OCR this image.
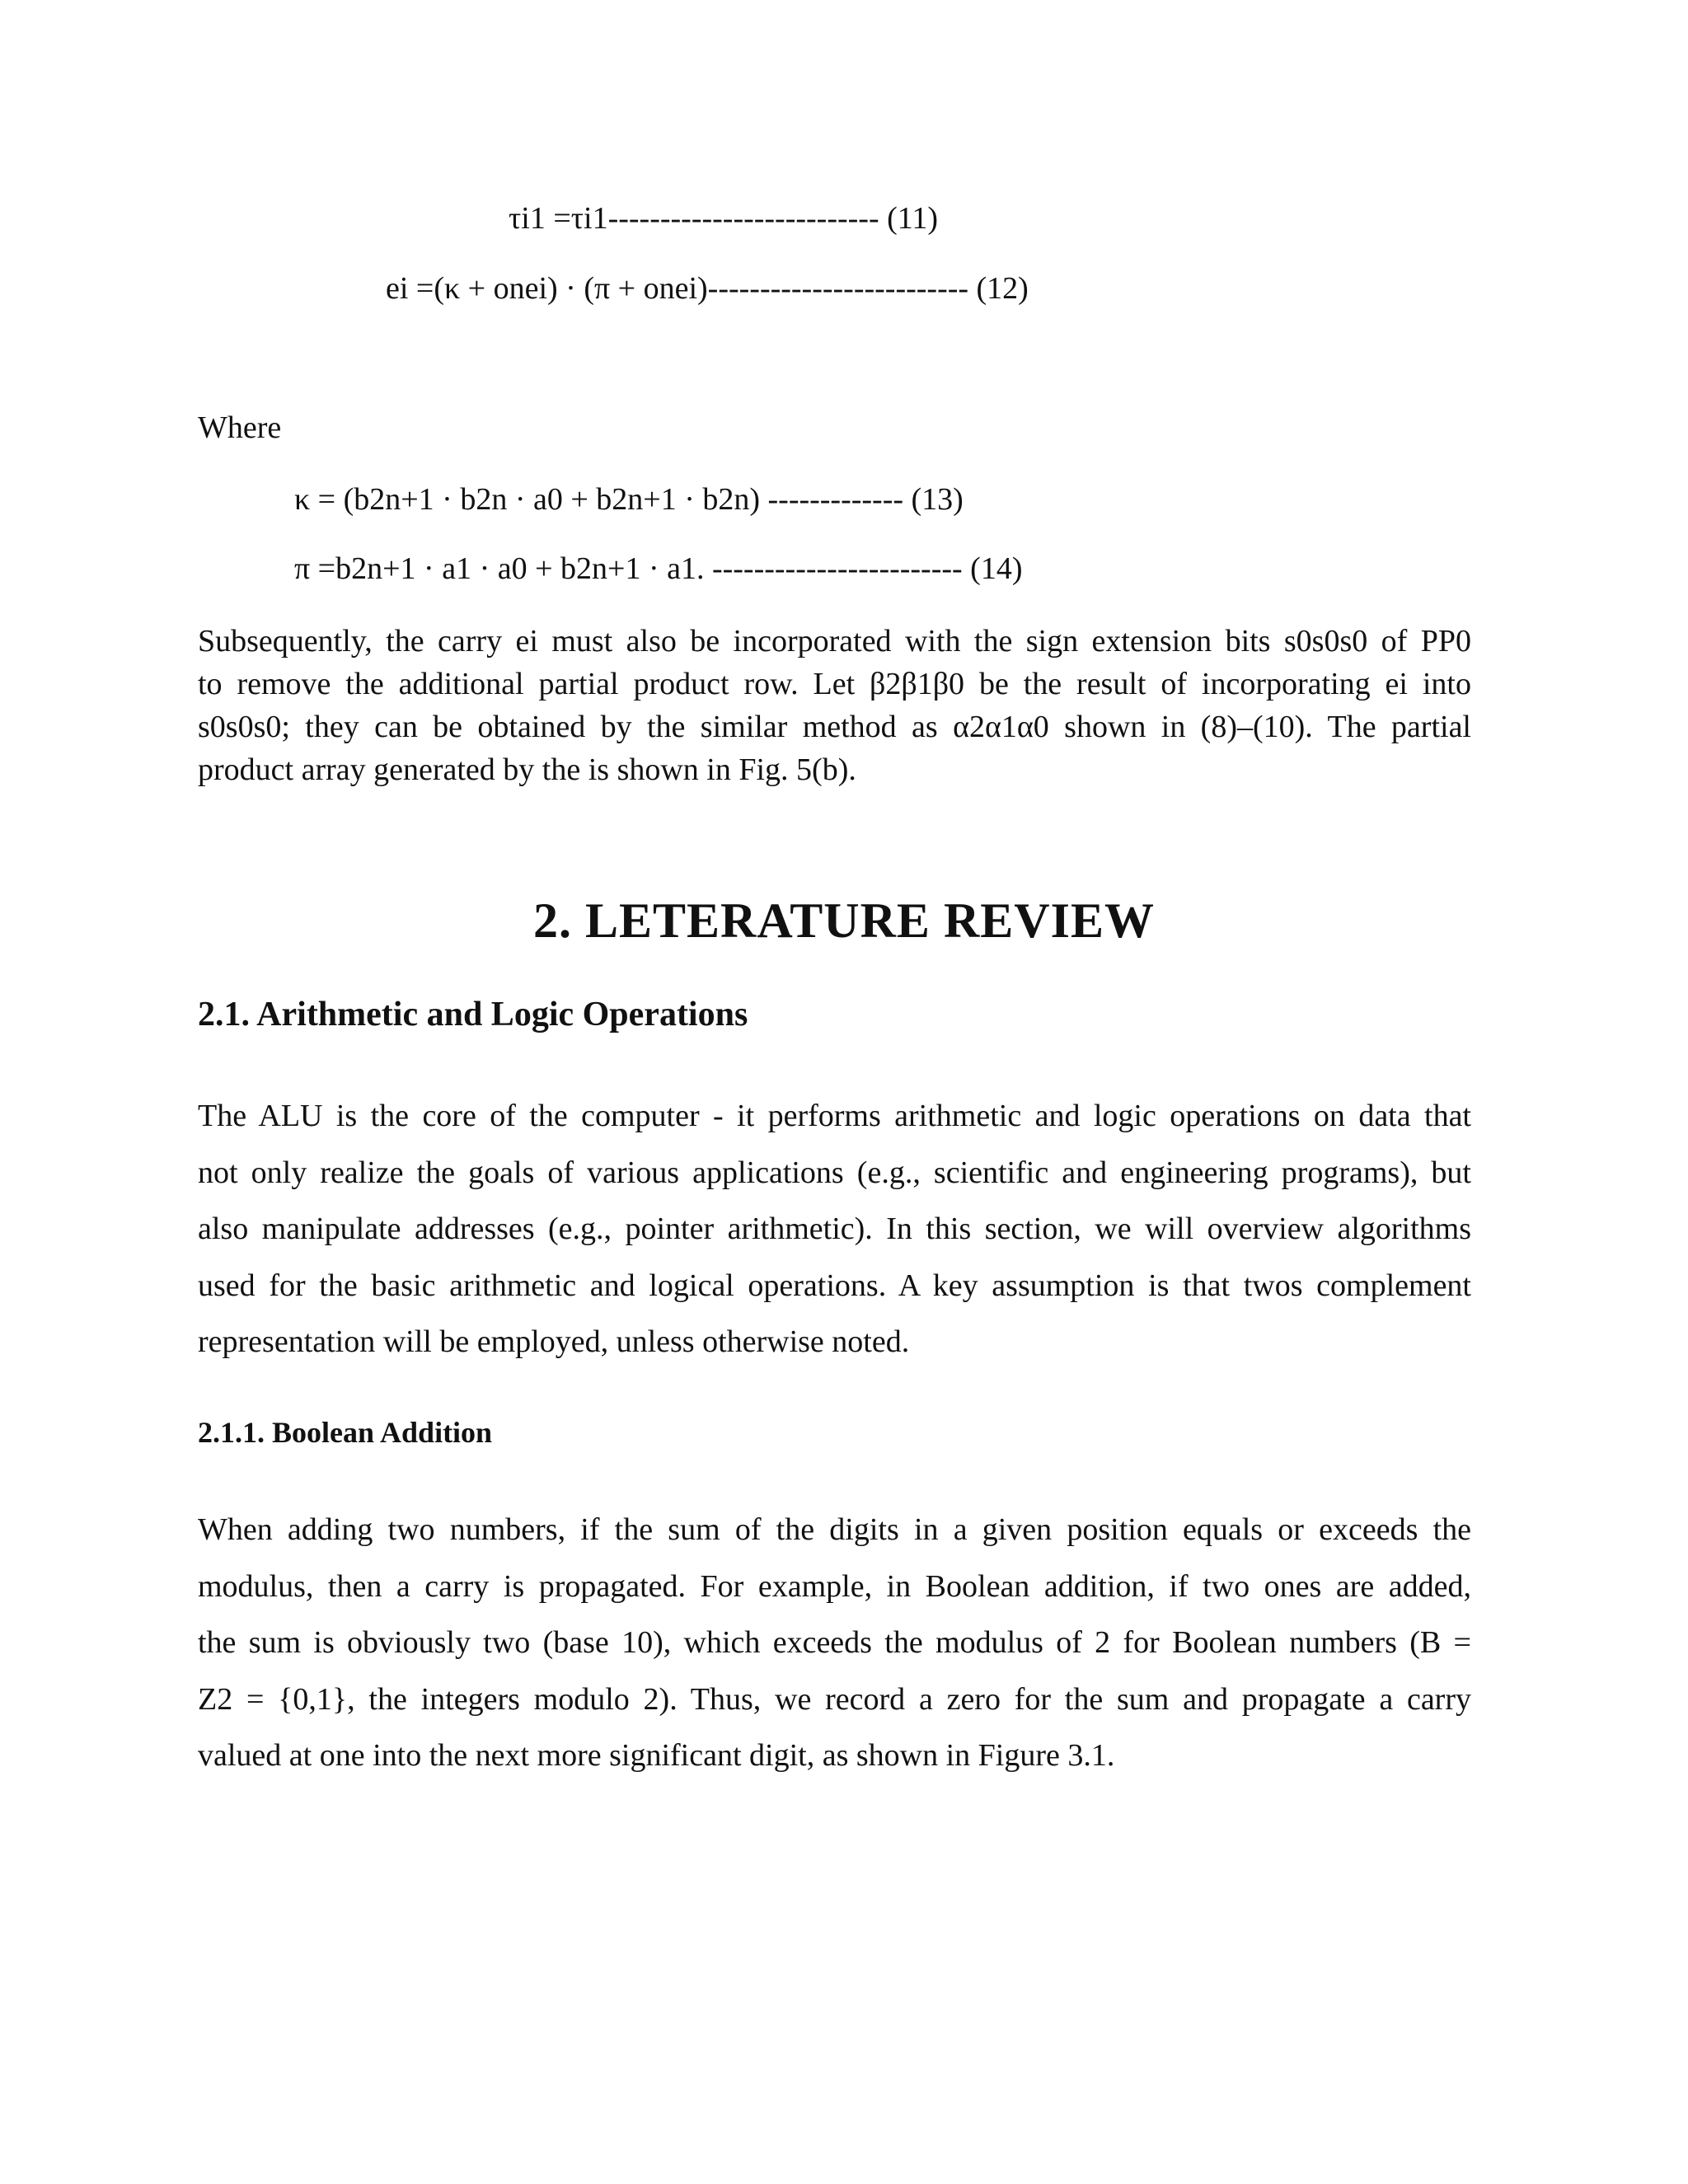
τi1 =τi1-------------------------- (11)
ei =(κ + onei) · (π + onei)------------------------- (12)
Where
κ = (b2n+1 · b2n · a0 + b2n+1 · b2n) ------------- (13)
π =b2n+1 · a1 · a0 + b2n+1 · a1. ------------------------ (14)
Subsequently, the carry ei must also be incorporated with the sign extension bits s0s0s0 of PP0
to remove the additional partial product row. Let β2β1β0 be the result of incorporating ei into
s0s0s0; they can be obtained by the similar method as α2α1α0 shown in (8)–(10). The partial
product array generated by the is shown in Fig. 5(b).
2. LETERATURE REVIEW
2.1. Arithmetic and Logic Operations
The ALU is the core of the computer - it performs arithmetic and logic operations on data that
not only realize the goals of various applications (e.g., scientific and engineering programs), but
also manipulate addresses (e.g., pointer arithmetic). In this section, we will overview algorithms
used for the basic arithmetic and logical operations. A key assumption is that twos complement
representation will be employed, unless otherwise noted.
2.1.1. Boolean Addition
When adding two numbers, if the sum of the digits in a given position equals or exceeds the
modulus, then a carry is propagated. For example, in Boolean addition, if two ones are added,
the sum is obviously two (base 10), which exceeds the modulus of 2 for Boolean numbers (B =
Z2 = {0,1}, the integers modulo 2). Thus, we record a zero for the sum and propagate a carry
valued at one into the next more significant digit, as shown in Figure 3.1.
